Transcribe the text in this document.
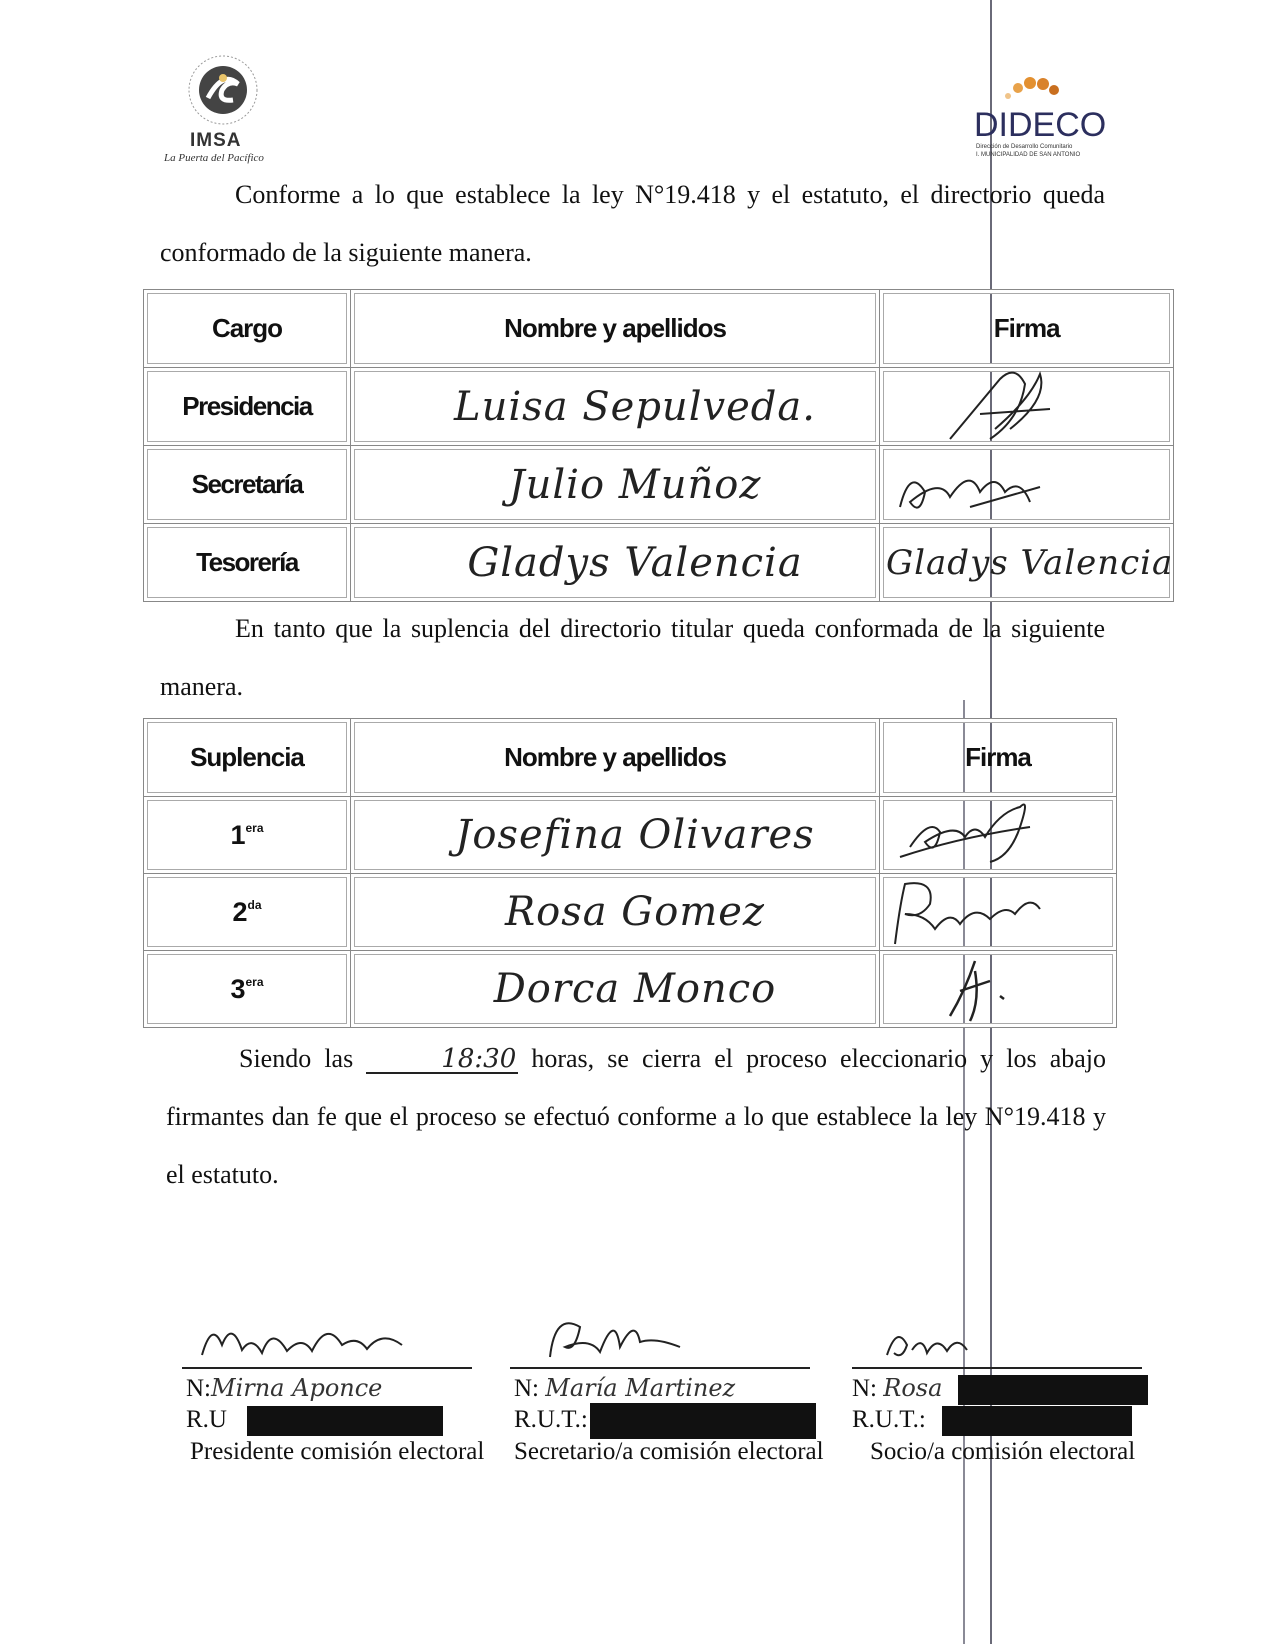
IMSA
La Puerta del Pacífico
DIDECO
Dirección de Desarrollo Comunitario
I. MUNICIPALIDAD DE SAN ANTONIO
Conforme a lo que establece la ley N°19.418 y el estatuto, el directorio queda conformado de la siguiente manera.
Cargo	Nombre y apellidos	Firma
Presidencia	Luisa Sepulveda.	

Secretaría	Julio Muñoz	

Tesorería	Gladys Valencia	Gladys Valencia
En tanto que la suplencia del directorio titular queda conformada de la siguiente manera.
Suplencia	Nombre y apellidos	Firma
$1^{era}$	Josefina Olivares	

$2^{da}$	Rosa Gomez	

$3^{era}$	Dorca Monco	
Siendo las	18:30 horas, se cierra el proceso eleccionario y los abajo firmantes dan fe que el proceso se efectuó conforme a lo que establece la ley N°19.418 y el estatuto.
N:Mirna Aponce
R.U
Presidente comisión electoral
N: María Martinez
R.U.T.:
Secretario/a comisión electoral
N: Rosa
R.U.T.:
Socio/a comisión electoral
